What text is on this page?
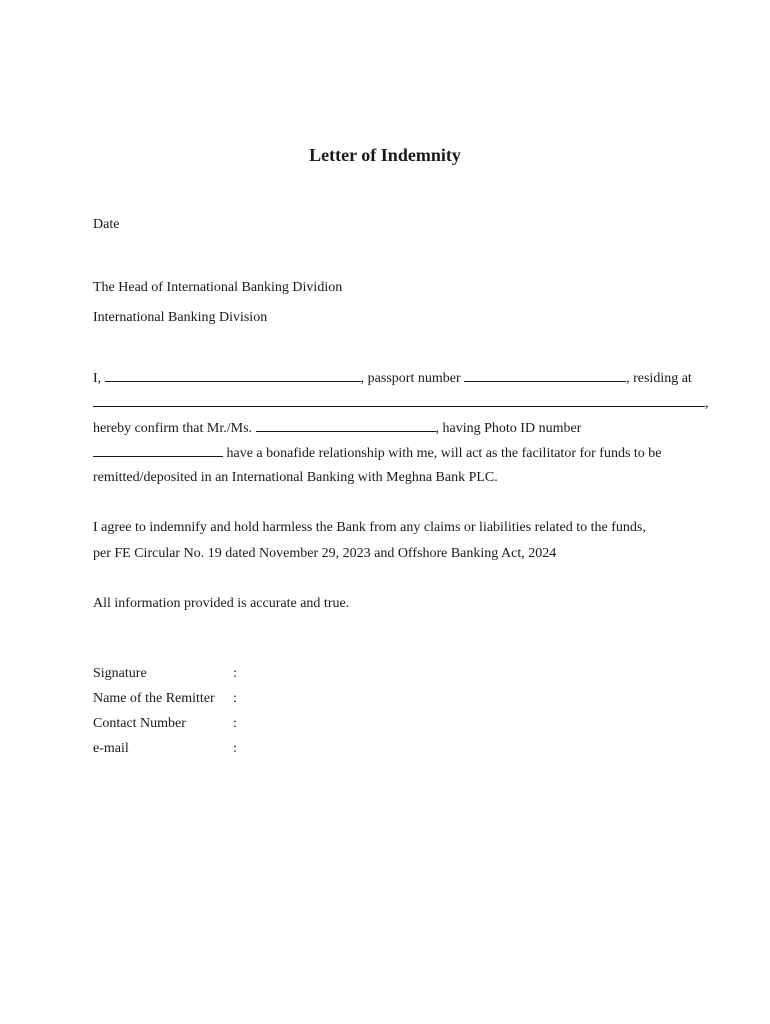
Letter of Indemnity
Date
The Head of International Banking Dividion
International Banking Division
I,	, passport number	, residing at
,
hereby confirm that Mr./Ms.	, having Photo ID number
have a bonafide relationship with me, will act as the facilitator for funds to be
remitted/deposited in an International Banking with Meghna Bank PLC.
I agree to indemnify and hold harmless the Bank from any claims or liabilities related to the funds,
per FE Circular No. 19 dated November 29, 2023 and Offshore Banking Act, 2024
All information provided is accurate and true.
Signature	:
Name of the Remitter :
Contact Number	:
e-mail	:
